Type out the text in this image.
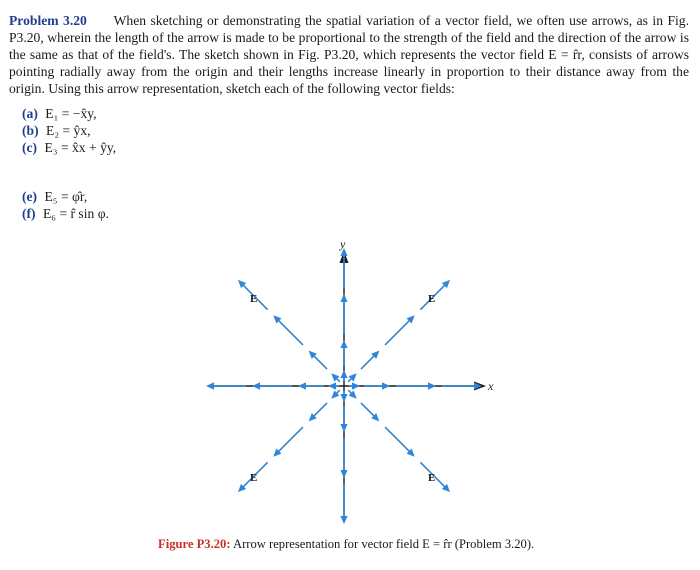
Problem 3.20 When sketching or demonstrating the spatial variation of a vector field, we often use arrows, as in Fig. P3.20, wherein the length of the arrow is made to be proportional to the strength of the field and the direction of the arrow is the same as that of the field's. The sketch shown in Fig. P3.20, which represents the vector field E = r̂r, consists of arrows pointing radially away from the origin and their lengths increase linearly in proportion to their distance away from the origin. Using this arrow representation, sketch each of the following vector fields:

(a) E₁ = −x̂y,
(b) E₂ = ŷx,
(c) E₃ = x̂x + ŷy,
(e) E₅ = φ̂r,
(f) E₆ = r̂ sin φ.
x
y
E	E
E	E
Figure P3.20: Arrow representation for vector field E = r̂r (Problem 3.20).
